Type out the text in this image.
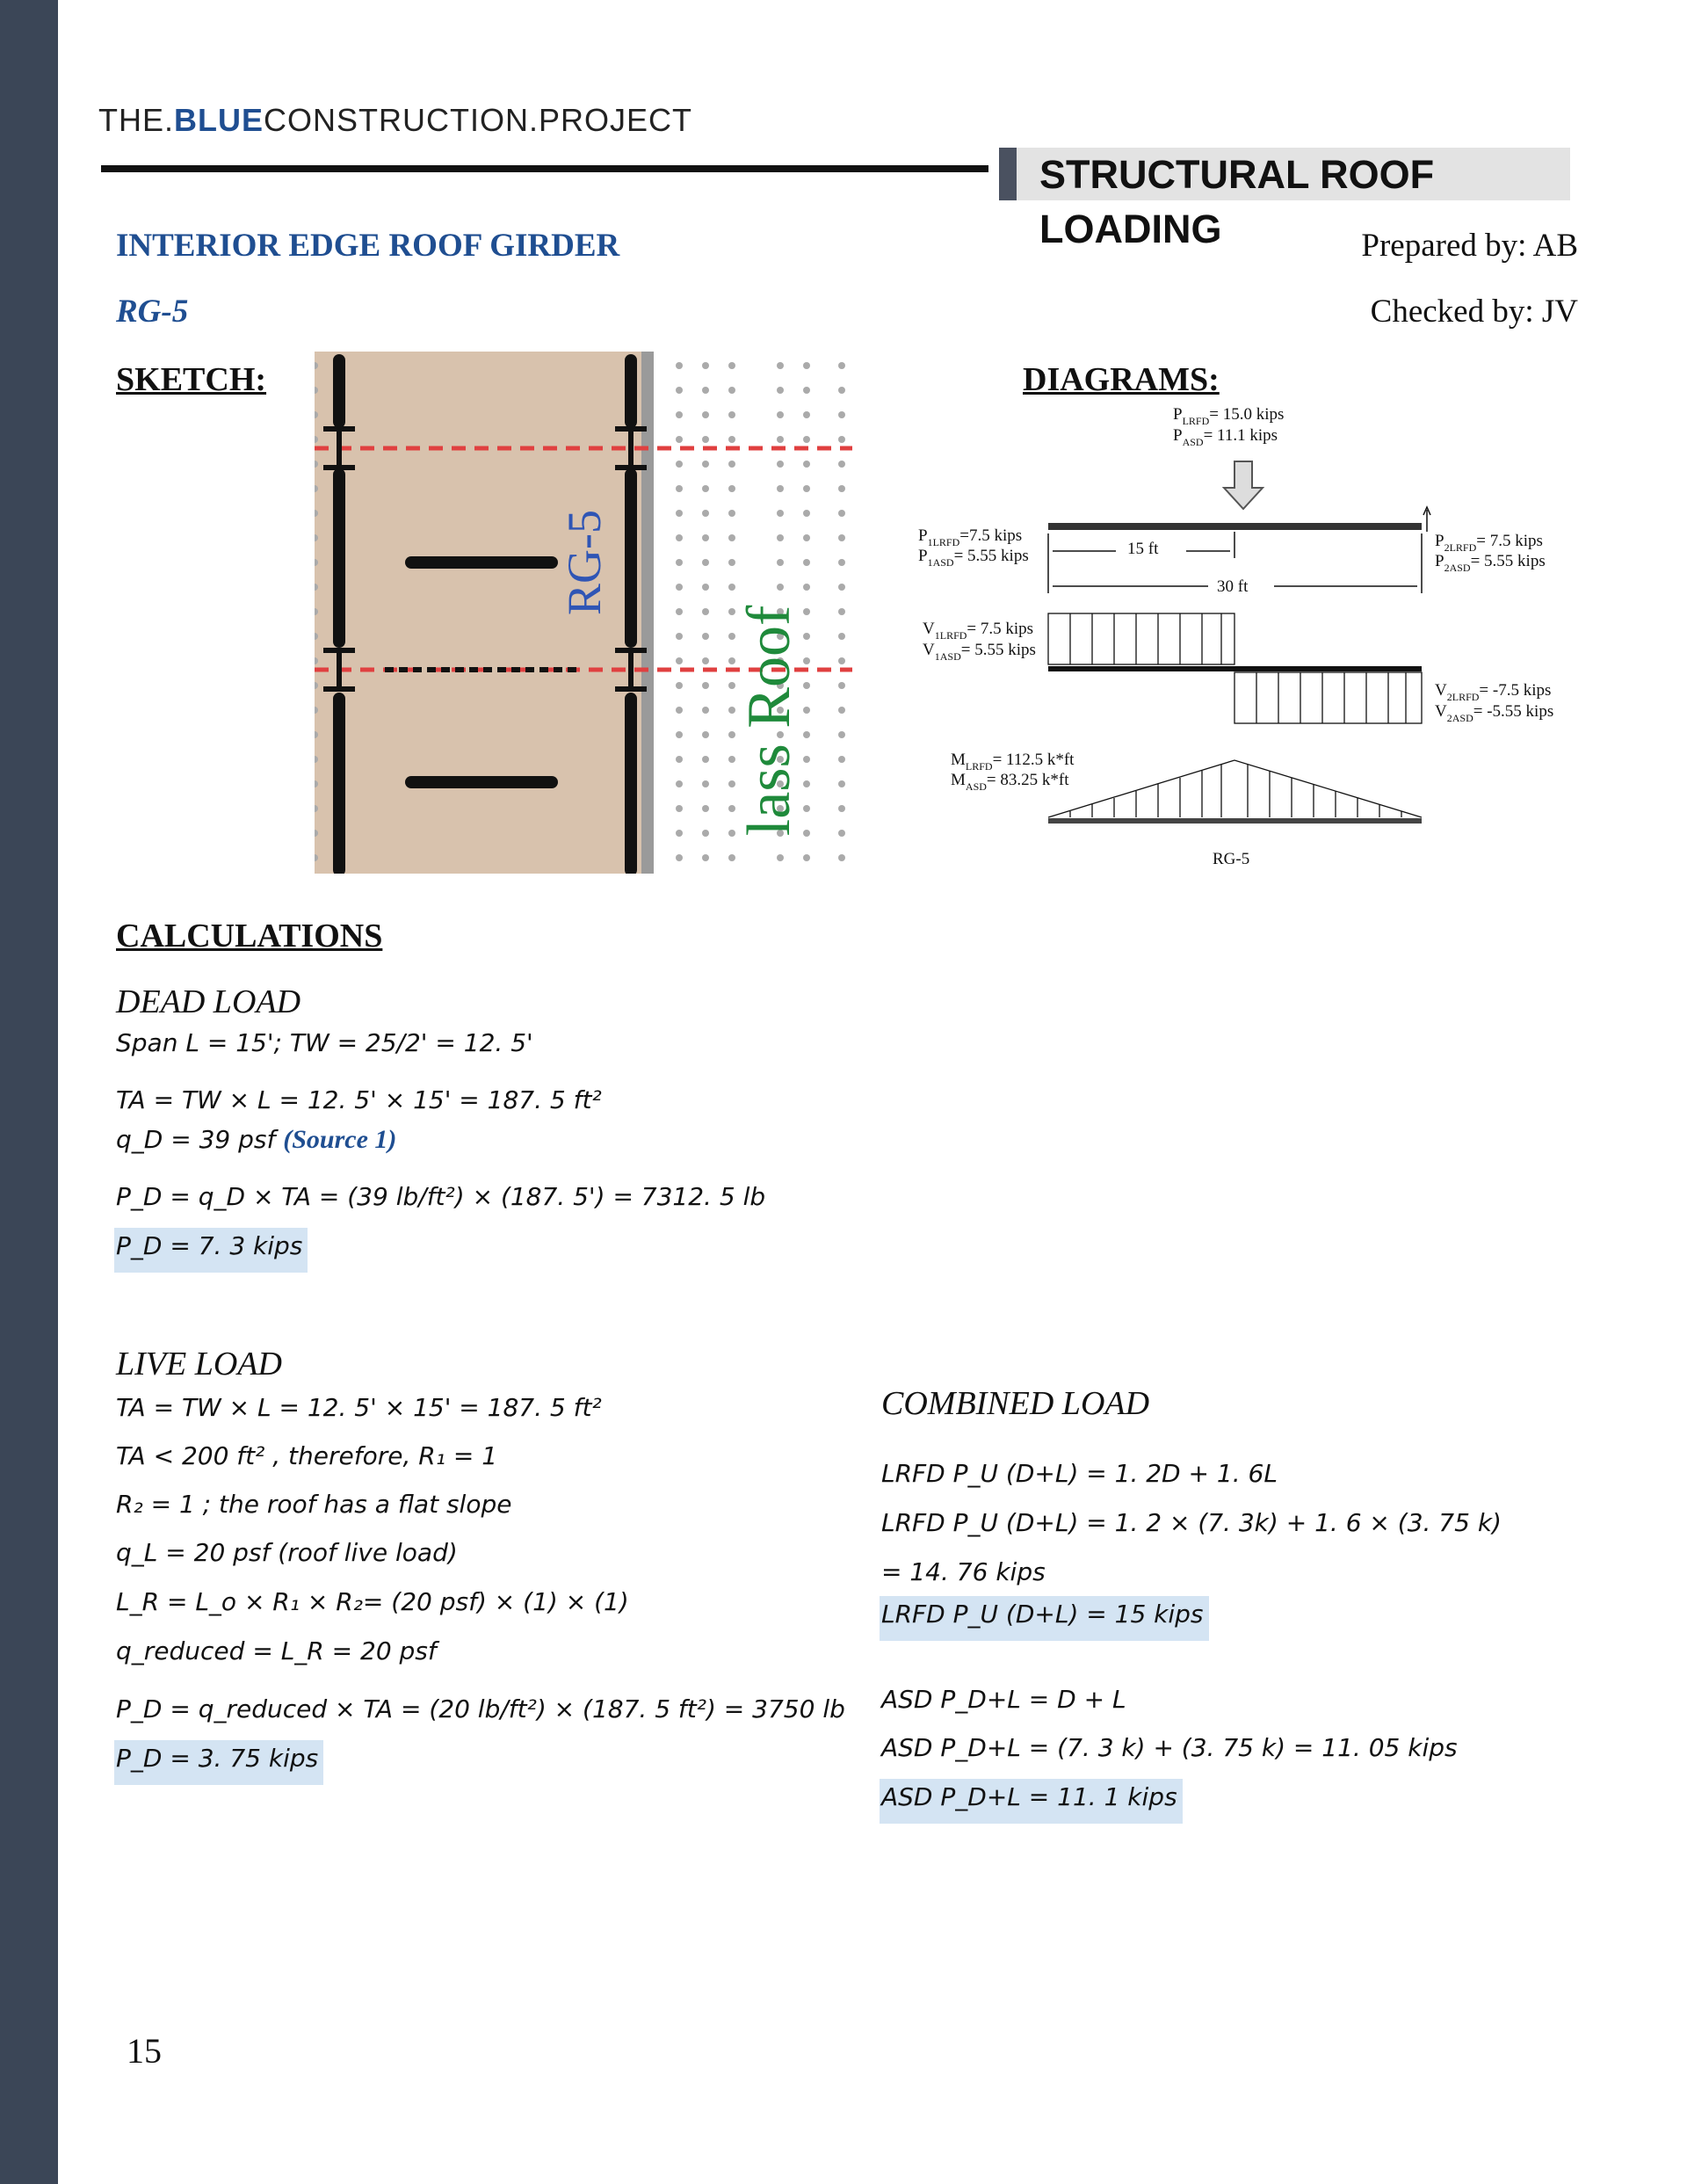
THE.BLUECONSTRUCTION.PROJECT
STRUCTURAL ROOF LOADING
INTERIOR EDGE ROOF GIRDER
RG-5
Prepared by: AB
Checked by: JV
SKETCH:
RG-5
lass Roof
DIAGRAMS:
$P_{LRFD}= 15.0$ kips
$P_{ASD}= 11.1$ kips
$P_{1LRFD}=7.5$ kips
$P_{1ASD}= 5.55$ kips
$P_{2LRFD}= 7.5$ kips
$P_{2ASD}= 5.55$ kips
15 ft
30 ft
$V_{1LRFD}= 7.5$ kips
$V_{1ASD}= 5.55$ kips
$V_{2LRFD}= -7.5$ kips
$V_{2ASD}= -5.55$ kips
$M_{LRFD}= 112.5$ k*ft
$M_{ASD}= 83.25$ k*ft
RG-5
CALCULATIONS
DEAD LOAD
Span L = 15'; TW = 25/2' = 12. 5'
TA = TW × L = 12. 5' × 15' = 187. 5 ft²
q_D = 39 psf (Source 1)
P_D = q_D × TA = (39 lb/ft²) × (187. 5') = 7312. 5 lb
P_D = 7. 3 kips
LIVE LOAD
TA = TW × L = 12. 5' × 15' = 187. 5 ft²
TA < 200 ft² , therefore, R₁ = 1
R₂ = 1 ; the roof has a flat slope
q_L = 20 psf (roof live load)
L_R = L_o × R₁ × R₂= (20 psf) × (1) × (1)
q_reduced = L_R = 20 psf
P_D = q_reduced × TA = (20 lb/ft²) × (187. 5 ft²) = 3750 lb
P_D = 3. 75 kips
COMBINED LOAD
LRFD P_U (D+L) = 1. 2D + 1. 6L
LRFD P_U (D+L) = 1. 2 × (7. 3k) + 1. 6 × (3. 75 k)
= 14. 76 kips
LRFD P_U (D+L) = 15 kips
ASD P_D+L = D + L
ASD P_D+L = (7. 3 k) + (3. 75 k) = 11. 05 kips
ASD P_D+L = 11. 1 kips
15
